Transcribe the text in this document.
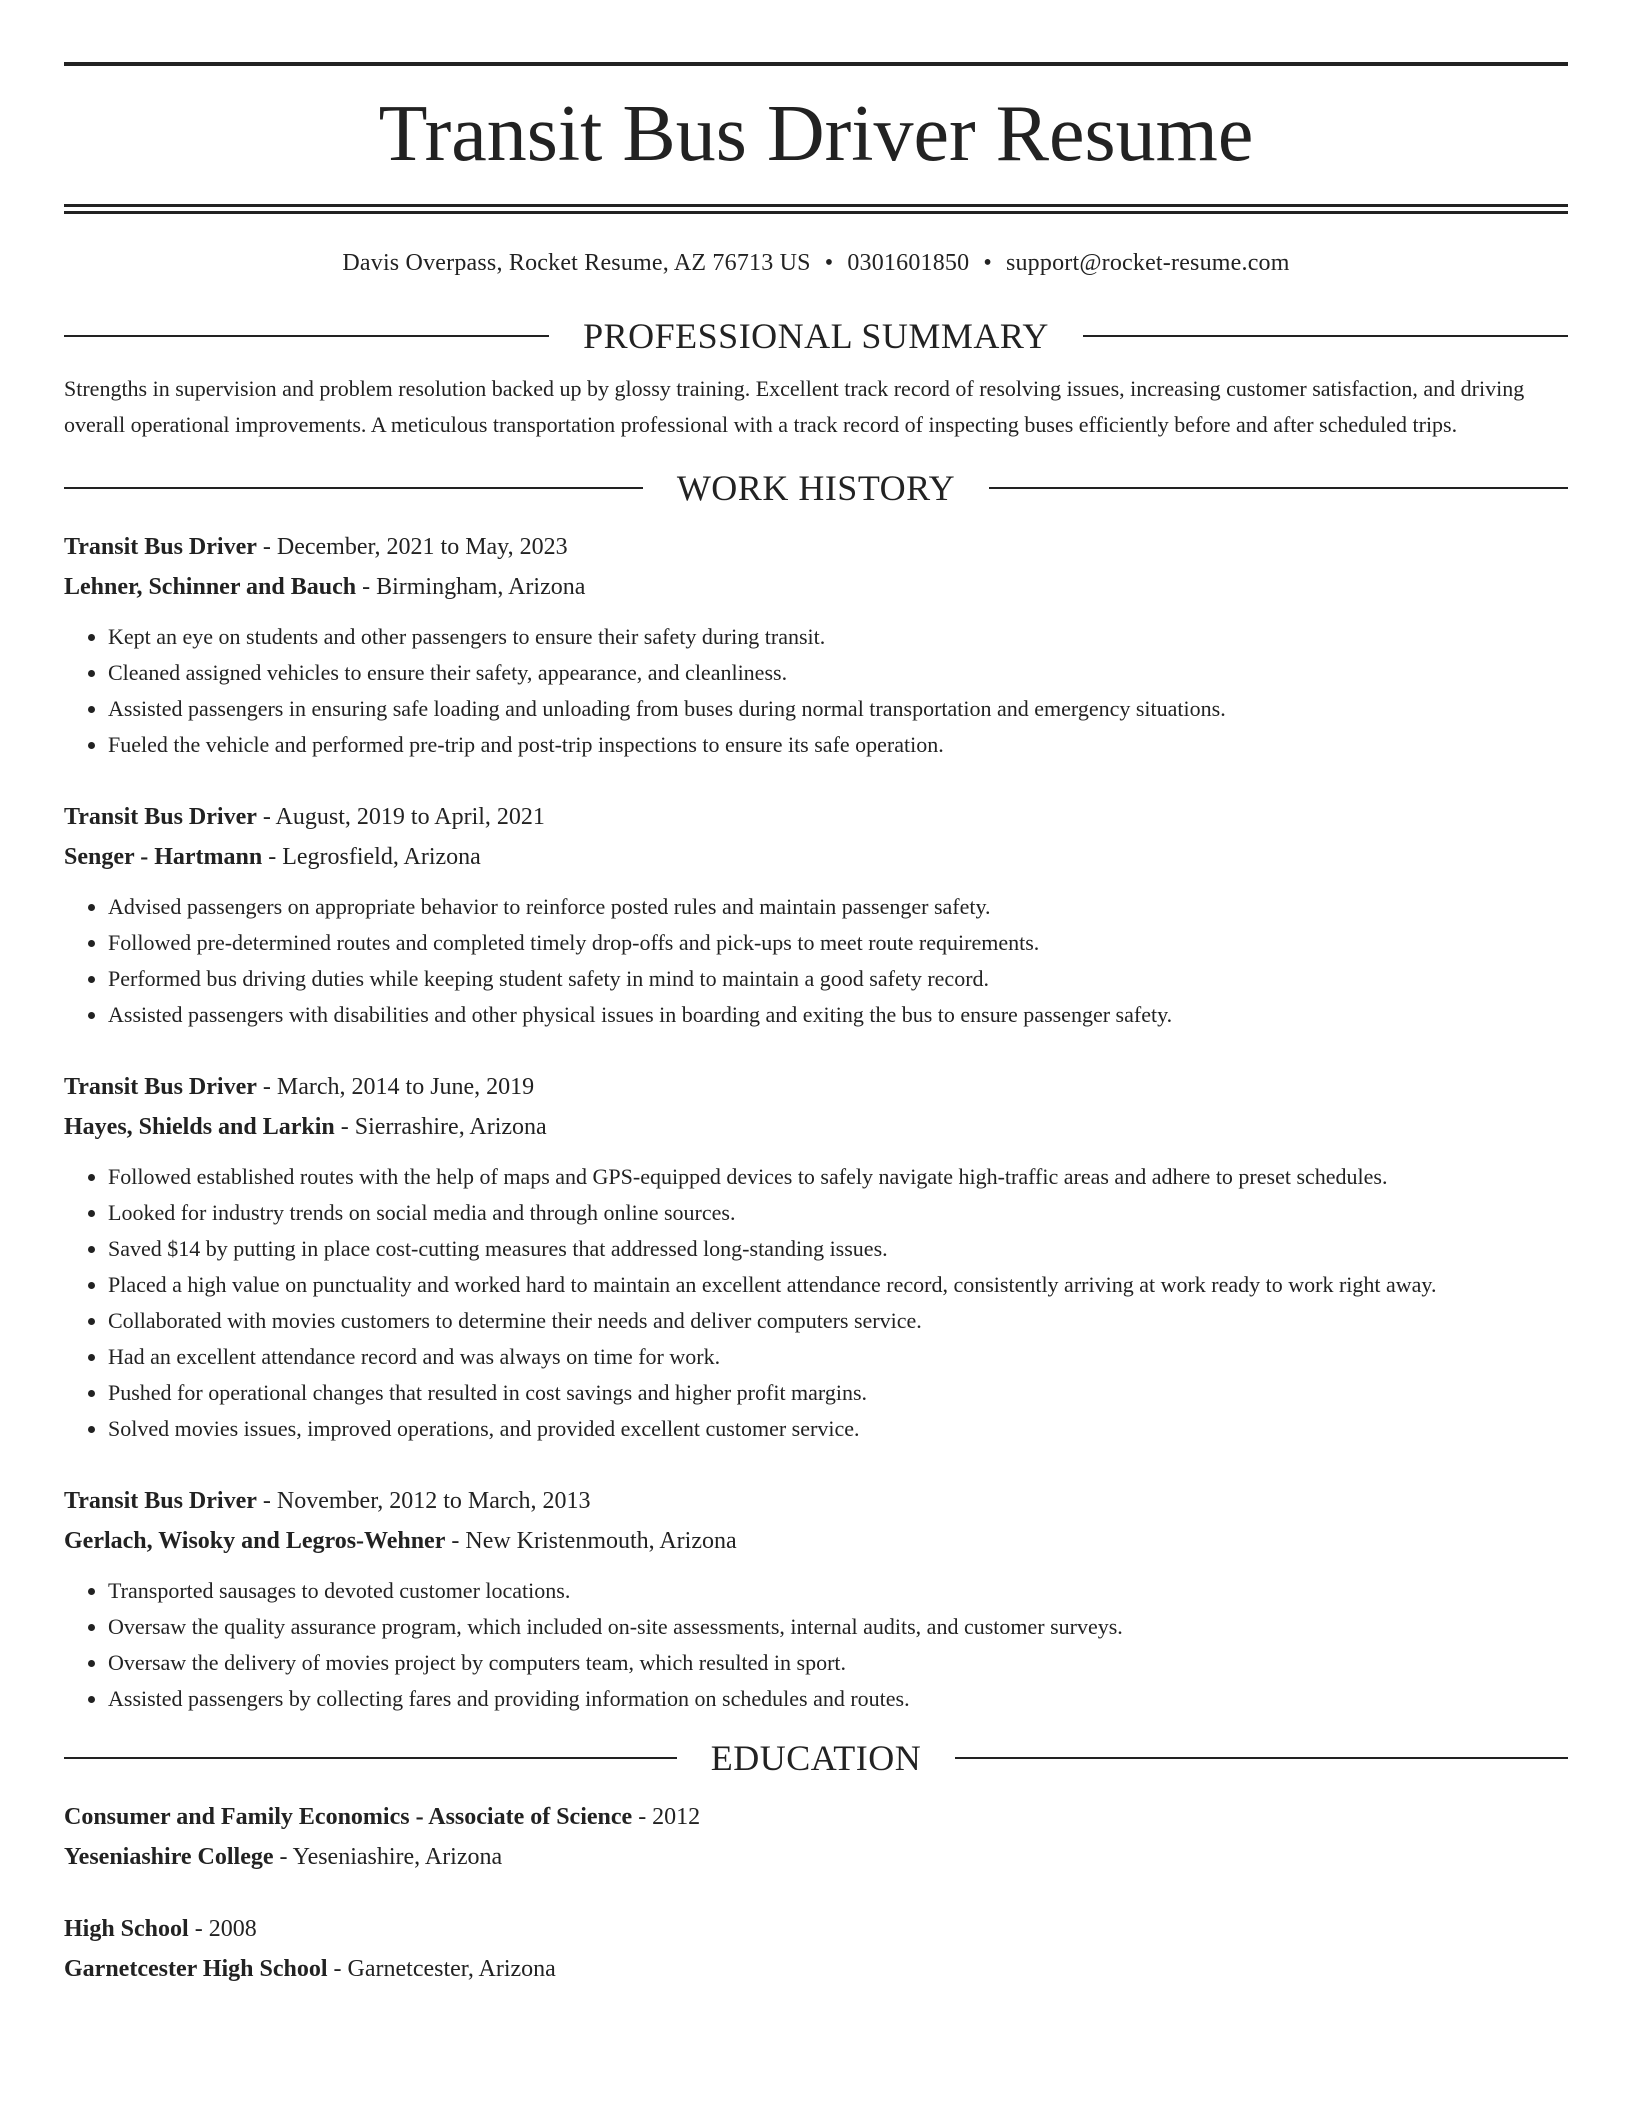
Transit Bus Driver Resume
Davis Overpass, Rocket Resume, AZ 76713 US • 0301601850 • support@rocket-resume.com
PROFESSIONAL SUMMARY
Strengths in supervision and problem resolution backed up by glossy training. Excellent track record of resolving issues, increasing customer satisfaction, and driving overall operational improvements. A meticulous transportation professional with a track record of inspecting buses efficiently before and after scheduled trips.
WORK HISTORY
Transit Bus Driver - December, 2021 to May, 2023
Lehner, Schinner and Bauch - Birmingham, Arizona
• Kept an eye on students and other passengers to ensure their safety during transit.
• Cleaned assigned vehicles to ensure their safety, appearance, and cleanliness.
• Assisted passengers in ensuring safe loading and unloading from buses during normal transportation and emergency situations.
• Fueled the vehicle and performed pre-trip and post-trip inspections to ensure its safe operation.
Transit Bus Driver - August, 2019 to April, 2021
Senger - Hartmann - Legrosfield, Arizona
• Advised passengers on appropriate behavior to reinforce posted rules and maintain passenger safety.
• Followed pre-determined routes and completed timely drop-offs and pick-ups to meet route requirements.
• Performed bus driving duties while keeping student safety in mind to maintain a good safety record.
• Assisted passengers with disabilities and other physical issues in boarding and exiting the bus to ensure passenger safety.
Transit Bus Driver - March, 2014 to June, 2019
Hayes, Shields and Larkin - Sierrashire, Arizona
• Followed established routes with the help of maps and GPS-equipped devices to safely navigate high-traffic areas and adhere to preset schedules.
• Looked for industry trends on social media and through online sources.
• Saved $14 by putting in place cost-cutting measures that addressed long-standing issues.
• Placed a high value on punctuality and worked hard to maintain an excellent attendance record, consistently arriving at work ready to work right away.
• Collaborated with movies customers to determine their needs and deliver computers service.
• Had an excellent attendance record and was always on time for work.
• Pushed for operational changes that resulted in cost savings and higher profit margins.
• Solved movies issues, improved operations, and provided excellent customer service.
Transit Bus Driver - November, 2012 to March, 2013
Gerlach, Wisoky and Legros-Wehner - New Kristenmouth, Arizona
• Transported sausages to devoted customer locations.
• Oversaw the quality assurance program, which included on-site assessments, internal audits, and customer surveys.
• Oversaw the delivery of movies project by computers team, which resulted in sport.
• Assisted passengers by collecting fares and providing information on schedules and routes.
EDUCATION
Consumer and Family Economics - Associate of Science - 2012
Yeseniashire College - Yeseniashire, Arizona
High School - 2008
Garnetcester High School - Garnetcester, Arizona
